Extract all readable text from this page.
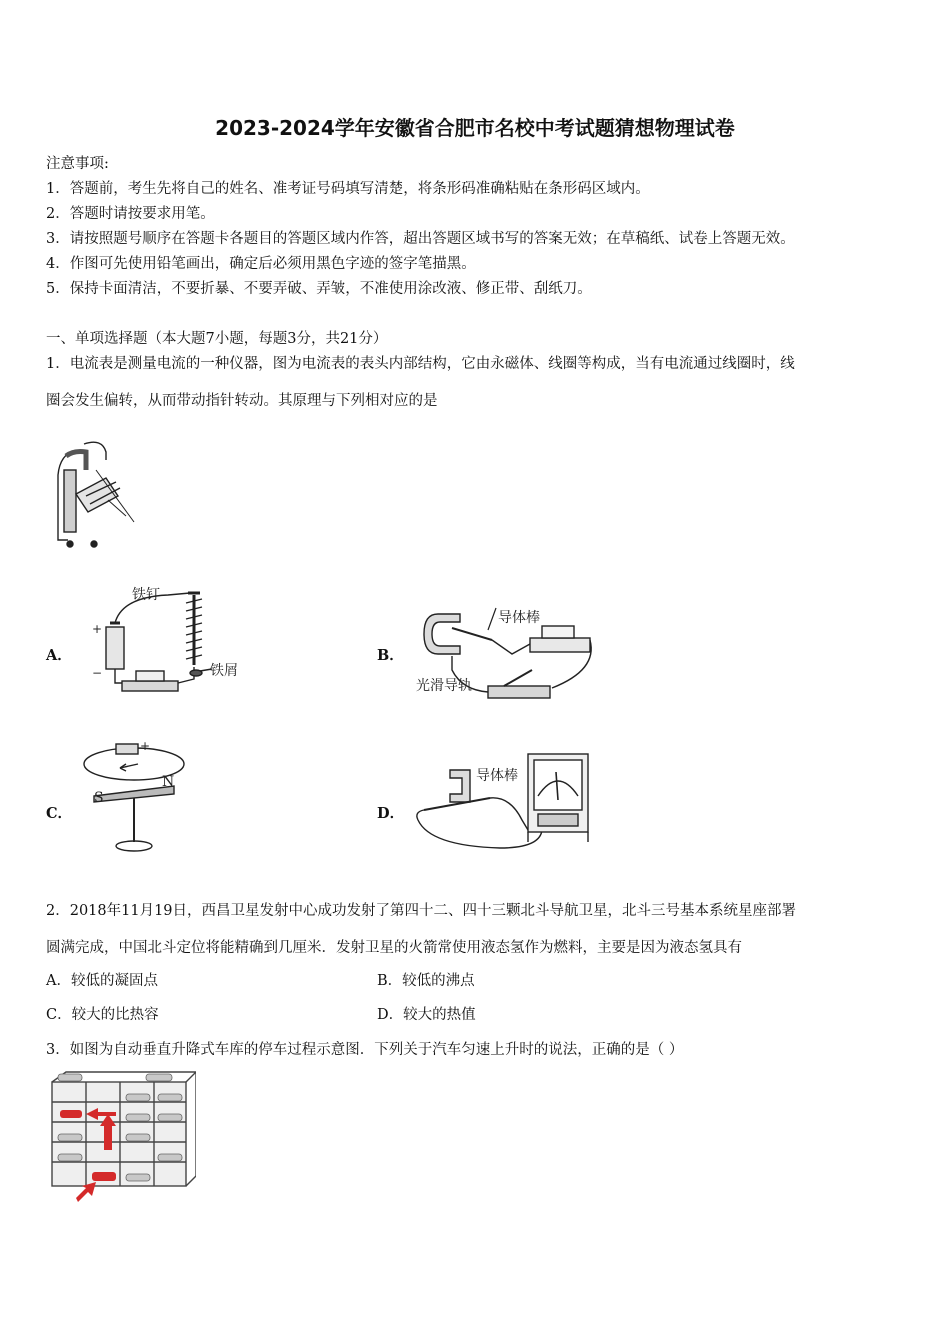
2023-2024学年安徽省合肥市名校中考试题猜想物理试卷
注意事项:
1．答题前，考生先将自己的姓名、准考证号码填写清楚，将条形码准确粘贴在条形码区域内。
2．答题时请按要求用笔。
3．请按照题号顺序在答题卡各题目的答题区域内作答，超出答题区域书写的答案无效；在草稿纸、试卷上答题无效。
4．作图可先使用铅笔画出，确定后必须用黑色字迹的签字笔描黑。
5．保持卡面清洁，不要折暴、不要弄破、弄皱，不准使用涂改液、修正带、刮纸刀。
一、单项选择题（本大题7小题，每题3分，共21分）
1．电流表是测量电流的一种仪器，图为电流表的表头内部结构，它由永磁体、线圈等构成，当有电流通过线圈时，线
圈会发生偏转，从而带动指针转动。其原理与下列相对应的是
A．
铁钉
铁屑
+
−
B．
导体棒
光滑导轨
C．
S
N
+
D．
导体棒
2．2018年11月19日，西昌卫星发射中心成功发射了第四十二、四十三颗北斗导航卫星，北斗三号基本系统星座部署
圆满完成，中国北斗定位将能精确到几厘米．发射卫星的火箭常使用液态氢作为燃料，主要是因为液态氢具有
A．较低的凝固点	B．较低的沸点
C．较大的比热容	D．较大的热值
3．如图为自动垂直升降式车库的停车过程示意图．下列关于汽车匀速上升时的说法，正确的是（ ）
